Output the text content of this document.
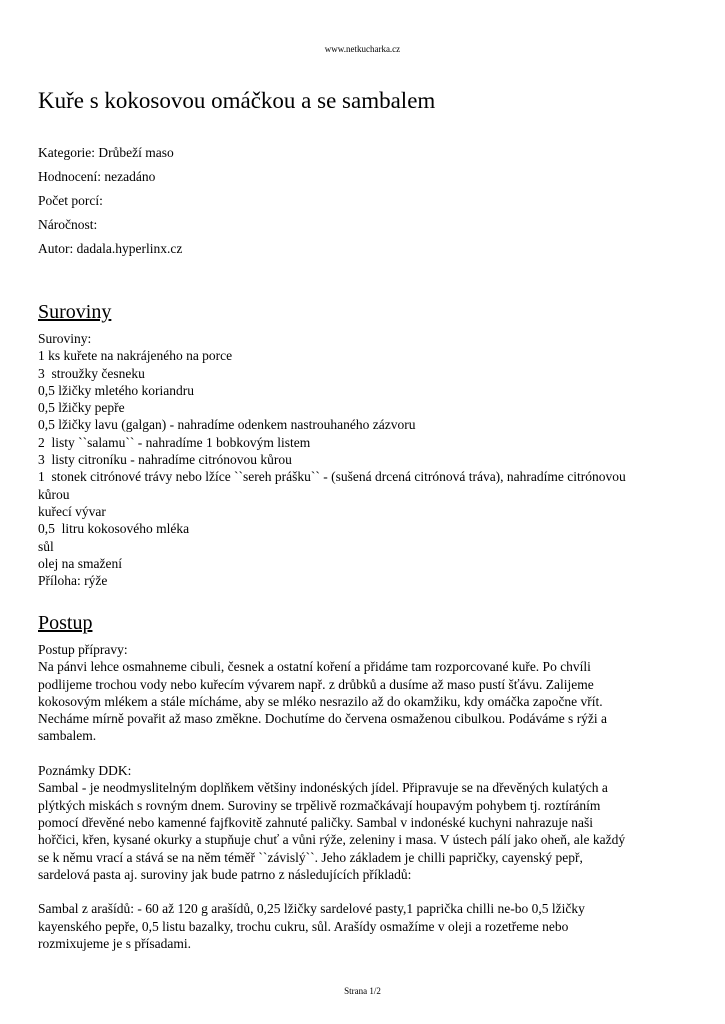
www.netkucharka.cz
Kuře s kokosovou omáčkou a se sambalem
Kategorie: Drůbeží maso
Hodnocení: nezadáno
Počet porcí:
Náročnost:
Autor: dadala.hyperlinx.cz
Suroviny
Suroviny:
1 ks kuřete na nakrájeného na porce
3  stroužky česneku
0,5 lžičky mletého koriandru
0,5 lžičky pepře
0,5 lžičky lavu (galgan) - nahradíme odenkem nastrouhaného zázvoru
2  listy ``salamu`` - nahradíme 1 bobkovým listem
3  listy citroníku - nahradíme citrónovou kůrou
1  stonek citrónové trávy nebo lžíce ``sereh prášku`` - (sušená drcená citrónová tráva), nahradíme citrónovou
kůrou
kuřecí vývar
0,5  litru kokosového mléka
sůl
olej na smažení
Příloha: rýže
Postup
Postup přípravy:
Na pánvi lehce osmahneme cibuli, česnek a ostatní koření a přidáme tam rozporcované kuře. Po chvíli
podlijeme trochou vody nebo kuřecím vývarem např. z drůbků a dusíme až maso pustí šťávu. Zalijeme
kokosovým mlékem a stále mícháme, aby se mléko nesrazilo až do okamžiku, kdy omáčka započne vřít.
Necháme mírně povařit až maso změkne. Dochutíme do červena osmaženou cibulkou. Podáváme s rýži a
sambalem.

Poznámky DDK:
Sambal - je neodmyslitelným doplňkem většiny indonéských jídel. Připravuje se na dřevěných kulatých a
plýtkých miskách s rovným dnem. Suroviny se trpělivě rozmačkávají houpavým pohybem tj. roztíráním
pomocí dřevěné nebo kamenné fajfkovitě zahnuté paličky. Sambal v indonéské kuchyni nahrazuje naši
hořčici, křen, kysané okurky a stupňuje chuť a vůni rýže, zeleniny i masa. V ústech pálí jako oheň, ale každý
se k němu vrací a stává se na něm téměř ``závislý``. Jeho základem je chilli papričky, cayenský pepř,
sardelová pasta aj. suroviny jak bude patrno z následujících příkladů:

Sambal z arašídů: - 60 až 120 g arašídů, 0,25 lžičky sardelové pasty,1 paprička chilli ne-bo 0,5 lžičky
kayenského pepře, 0,5 listu bazalky, trochu cukru, sůl. Arašídy osmažíme v oleji a rozetřeme nebo
rozmixujeme je s přísadami.
Strana 1/2
